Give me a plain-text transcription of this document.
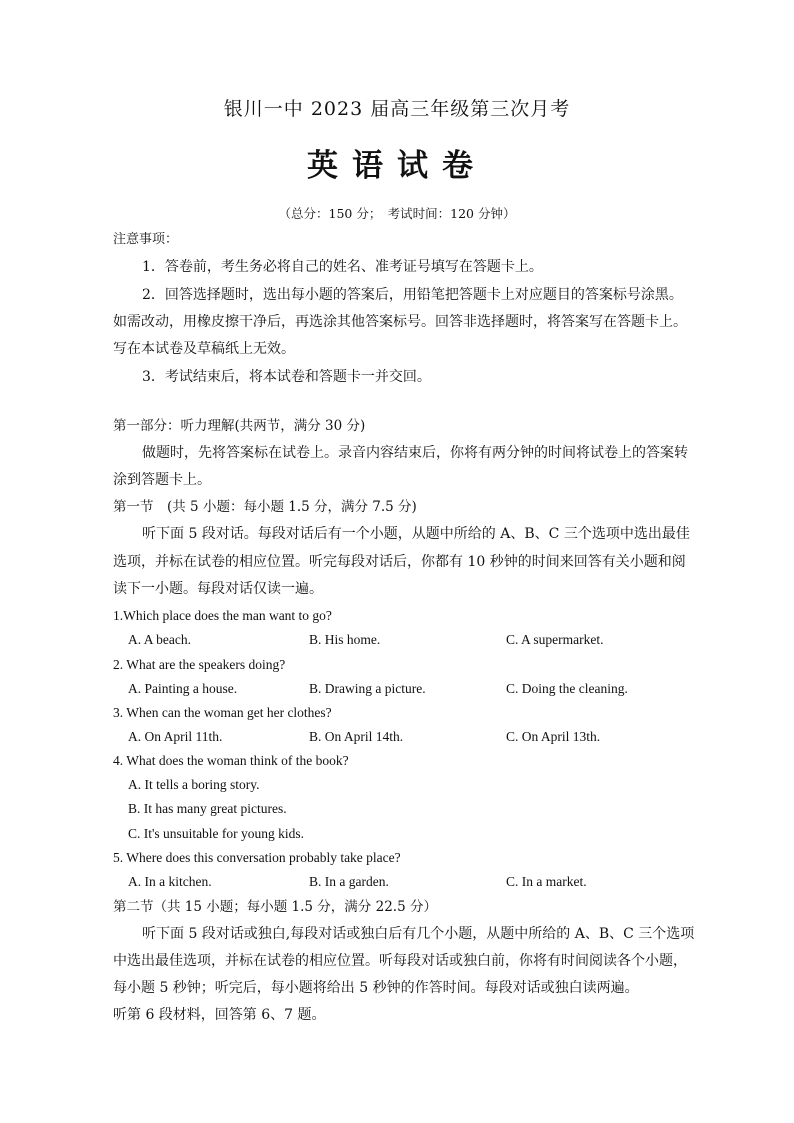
银川一中 2023 届高三年级第三次月考
英语试卷
（总分：150 分；　考试时间：120 分钟）
注意事项：
1．答卷前，考生务必将自己的姓名、准考证号填写在答题卡上。
2．回答选择题时，选出每小题的答案后，用铅笔把答题卡上对应题目的答案标号涂黑。
如需改动，用橡皮擦干净后，再选涂其他答案标号。回答非选择题时，将答案写在答题卡上。
写在本试卷及草稿纸上无效。
3．考试结束后，将本试卷和答题卡一并交回。
第一部分：听力理解(共两节，满分 30 分)
做题时，先将答案标在试卷上。录音内容结束后，你将有两分钟的时间将试卷上的答案转
涂到答题卡上。
第一节　(共 5 小题：每小题 1.5 分，满分 7.5 分)
听下面 5 段对话。每段对话后有一个小题，从题中所给的 A、B、C 三个选项中选出最佳
选项，并标在试卷的相应位置。听完每段对话后，你都有 10 秒钟的时间来回答有关小题和阅
读下一小题。每段对话仅读一遍。
1.Which place does the man want to go?
A. A beach.	B. His home.	C. A supermarket.
2. What are the speakers doing?
A. Painting a house.	B. Drawing a picture.	C. Doing the cleaning.
3. When can the woman get her clothes?
A. On April 11th.	B. On April 14th.	C. On April 13th.
4. What does the woman think of the book?
A. It tells a boring story.
B. It has many great pictures.
C. It's unsuitable for young kids.
5. Where does this conversation probably take place?
A. In a kitchen.	B. In a garden.	C. In a market.
第二节（共 15 小题；每小题 1.5 分，满分 22.5 分）
听下面 5 段对话或独白,每段对话或独白后有几个小题，从题中所给的 A、B、C 三个选项
中选出最佳选项，并标在试卷的相应位置。听每段对话或独白前，你将有时间阅读各个小题，
每小题 5 秒钟；听完后，每小题将给出 5 秒钟的作答时间。每段对话或独白读两遍。
听第 6 段材料，回答第 6、7 题。
